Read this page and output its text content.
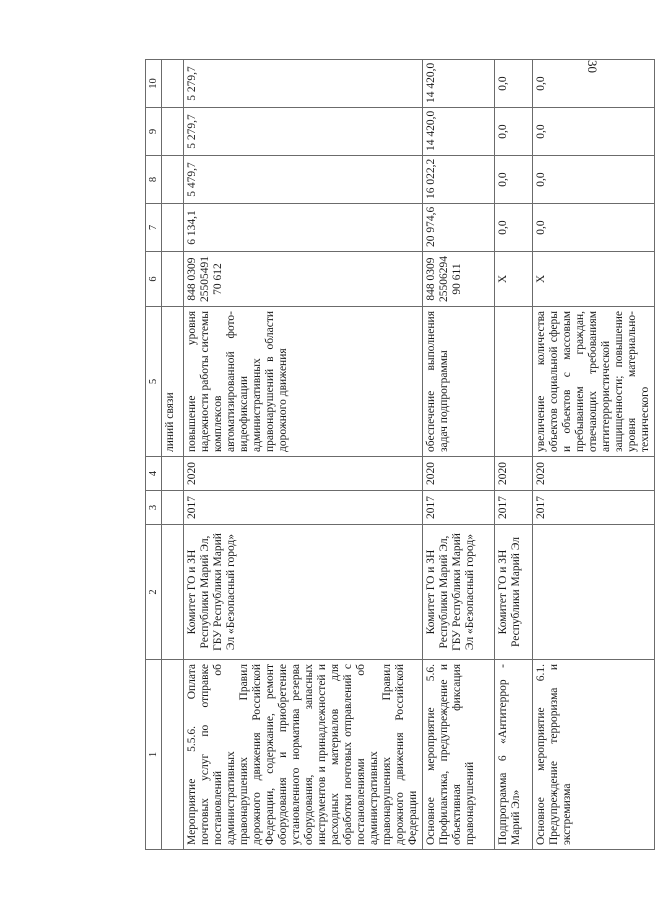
30
1	2	3	4	5	6	7	8	9	10
				линий связи					
Мероприятие 5.5.6. Оплата почтовых услуг по отправке постановлений об административных правонарушениях Правил дорожного движения Российской Федерации, содержание, ремонт оборудования и приобретение установленного норматива резерва оборудования, запасных инструментов и принадлежностей и расходных материалов для обработки почтовых отправлений с постановлениями об административных правонарушениях Правил дорожного движения Российской Федерации	Комитет ГО и ЗН Республики Марий Эл, ГБУ Республики Марий Эл «Безопасный город»	2017	2020	повышение уровня надежности работы системы комплексов автоматизированной фото-видеофиксации административных правонарушений в области дорожного движения	848 0309 2550549170 612	6 134,1	5 479,7	5 279,7	5 279,7
Основное мероприятие 5.6. Профилактика, предупреждение и объективная фиксация правонарушений	Комитет ГО и ЗН Республики Марий Эл, ГБУ Республики Марий Эл «Безопасный город»	2017	2020	обеспечение выполнения задач подпрограммы	848 0309 2550629490 611	20 974,6	16 022,2	14 420,0	14 420,0
Подпрограмма 6 «Антитеррор - Марий Эл»	Комитет ГО и ЗН Республики Марий Эл	2017	2020		X	0,0	0,0	0,0	0,0
Основное мероприятие 6.1. Предупреждение терроризма и экстремизма		2017	2020	увеличение количества объектов социальной сферы и объектов с массовым пребыванием граждан, отвечающих требованиям антитеррористической защищенности; повышение уровня материально-технического	X	0,0	0,0	0,0	0,0
